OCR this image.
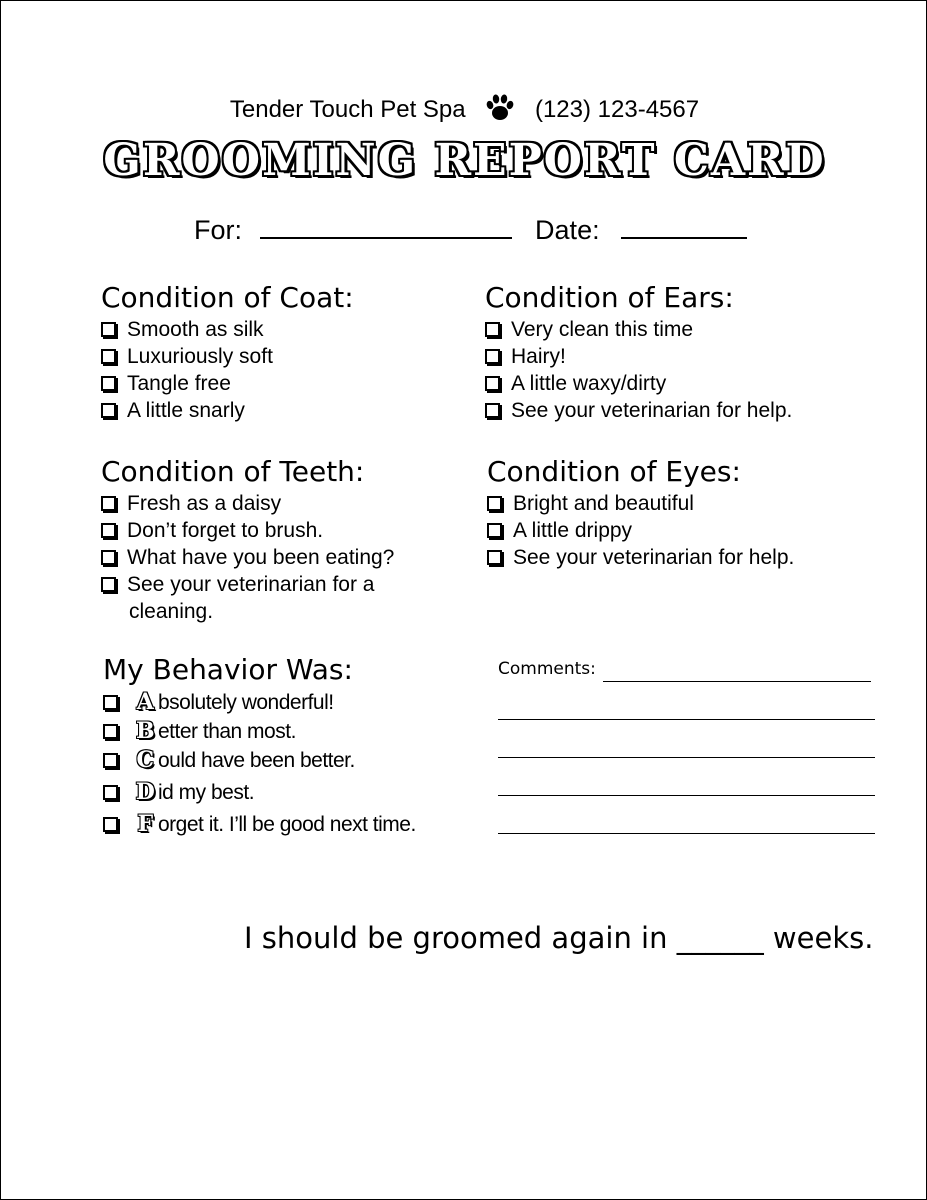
Tender Touch Pet Spa	(123) 123-4567
GROOMING REPORT CARD
For:	Date:
Condition of Coat:
Smooth as silk
Luxuriously soft
Tangle free
A little snarly
Condition of Ears:
Very clean this time
Hairy!
A little waxy/dirty
See your veterinarian for help.
Condition of Teeth:
Fresh as a daisy
Don’t forget to brush.
What have you been eating?
See your veterinarian for a
cleaning.
Condition of Eyes:
Bright and beautiful
A little drippy
See your veterinarian for help.
My Behavior Was:
A bsolutely wonderful!
B etter than most.
C ould have been better.
D id my best.
F orget it. I’ll be good next time.
Comments:
I should be groomed again in ______ weeks.
